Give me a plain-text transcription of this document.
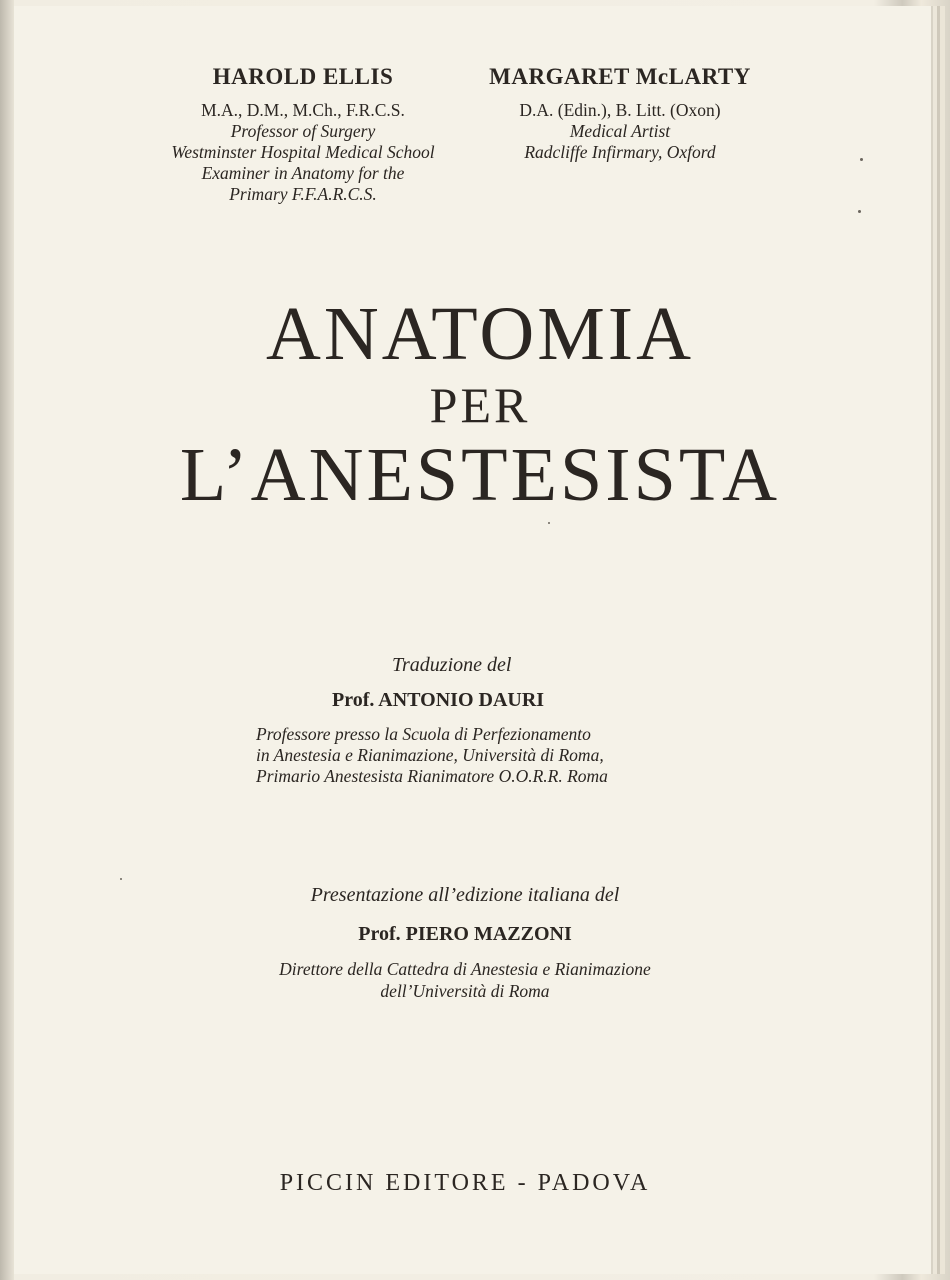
HAROLD ELLIS
M.A., D.M., M.Ch., F.R.C.S.
Professor of Surgery
Westminster Hospital Medical School
Examiner in Anatomy for the
Primary F.F.A.R.C.S.
MARGARET McLARTY
D.A. (Edin.), B. Litt. (Oxon)
Medical Artist
Radcliffe Infirmary, Oxford
ANATOMIA
PER
L’ANESTESISTA
Traduzione del
Prof. ANTONIO DAURI
Professore presso la Scuola di Perfezionamento
in Anestesia e Rianimazione, Università di Roma,
Primario Anestesista Rianimatore O.O.R.R. Roma
Presentazione all’edizione italiana del
Prof. PIERO MAZZONI
Direttore della Cattedra di Anestesia e Rianimazione
dell’Università di Roma
PICCIN EDITORE - PADOVA
